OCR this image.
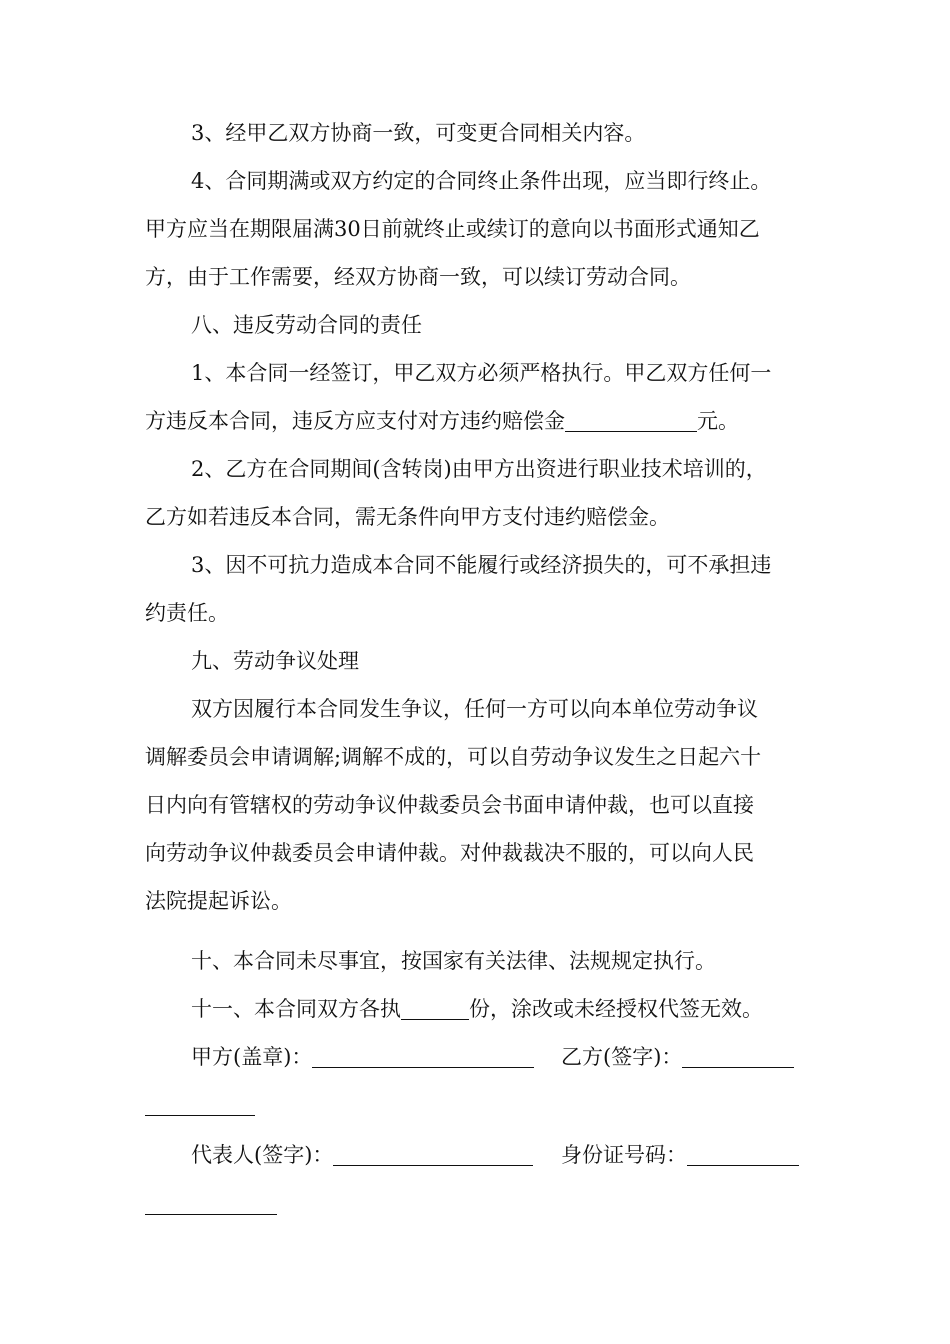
3、经甲乙双方协商一致，可变更合同相关内容。
4、合同期满或双方约定的合同终止条件出现，应当即行终止。
甲方应当在期限届满30日前就终止或续订的意向以书面形式通知乙
方，由于工作需要，经双方协商一致，可以续订劳动合同。
八、违反劳动合同的责任
1、本合同一经签订，甲乙双方必须严格执行。甲乙双方任何一
方违反本合同，违反方应支付对方违约赔偿金	元。
2、乙方在合同期间(含转岗)由甲方出资进行职业技术培训的，
乙方如若违反本合同，需无条件向甲方支付违约赔偿金。
3、因不可抗力造成本合同不能履行或经济损失的，可不承担违
约责任。
九、劳动争议处理
双方因履行本合同发生争议，任何一方可以向本单位劳动争议
调解委员会申请调解;调解不成的，可以自劳动争议发生之日起六十
日内向有管辖权的劳动争议仲裁委员会书面申请仲裁，也可以直接
向劳动争议仲裁委员会申请仲裁。对仲裁裁决不服的，可以向人民
法院提起诉讼。
十、本合同未尽事宜，按国家有关法律、法规规定执行。
十一、本合同双方各执	份，涂改或未经授权代签无效。
甲方(盖章)：	乙方(签字)：
代表人(签字)：	身份证号码：
